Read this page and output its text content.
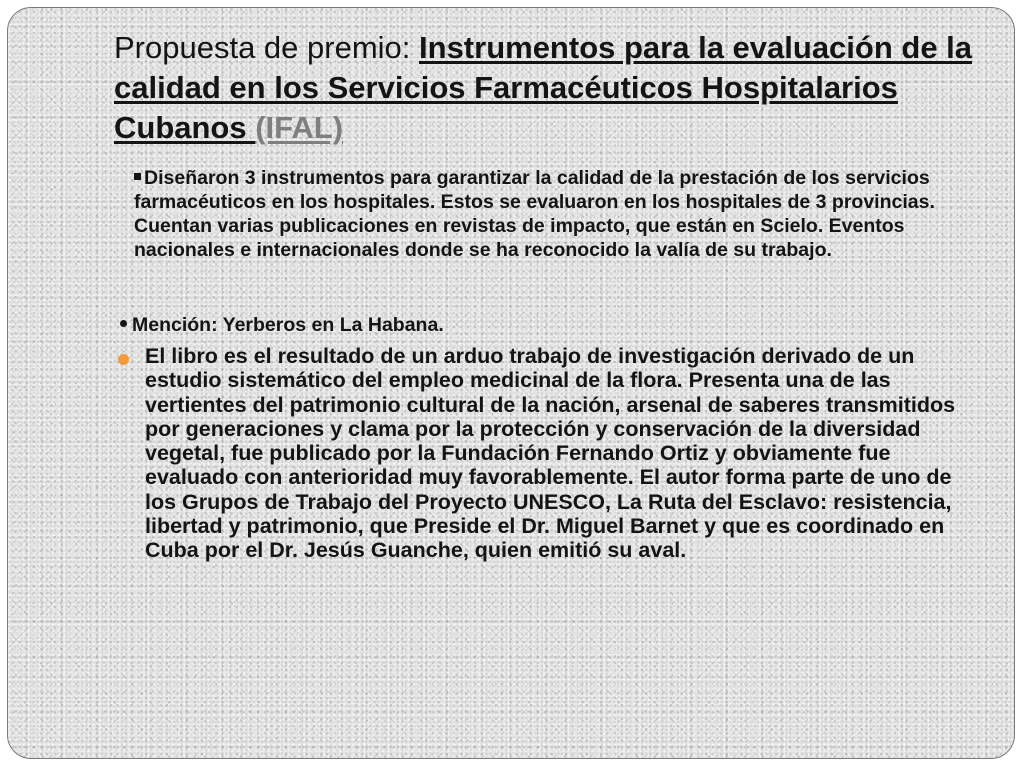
Propuesta de premio: Instrumentos para la evaluación de la calidad en los Servicios Farmacéuticos Hospitalarios Cubanos (IFAL)

Diseñaron 3 instrumentos para garantizar la calidad de la prestación de los servicios farmacéuticos en los hospitales. Estos se evaluaron en los hospitales de 3 provincias. Cuentan varias publicaciones en revistas de impacto, que están en Scielo. Eventos nacionales e internacionales donde se ha reconocido la valía de su trabajo.

Mención: Yerberos en La Habana.

El libro es el resultado de un arduo trabajo de investigación derivado de un estudio sistemático del empleo medicinal de la flora. Presenta una de las vertientes del patrimonio cultural de la nación, arsenal de saberes transmitidos por generaciones y clama por la protección y conservación de la diversidad vegetal, fue publicado por la Fundación Fernando Ortiz y obviamente fue evaluado con anterioridad muy favorablemente. El autor forma parte de uno de los Grupos de Trabajo del Proyecto UNESCO, La Ruta del Esclavo: resistencia, libertad y patrimonio, que Preside el Dr. Miguel Barnet y que es coordinado en Cuba por el Dr. Jesús Guanche, quien emitió su aval.
